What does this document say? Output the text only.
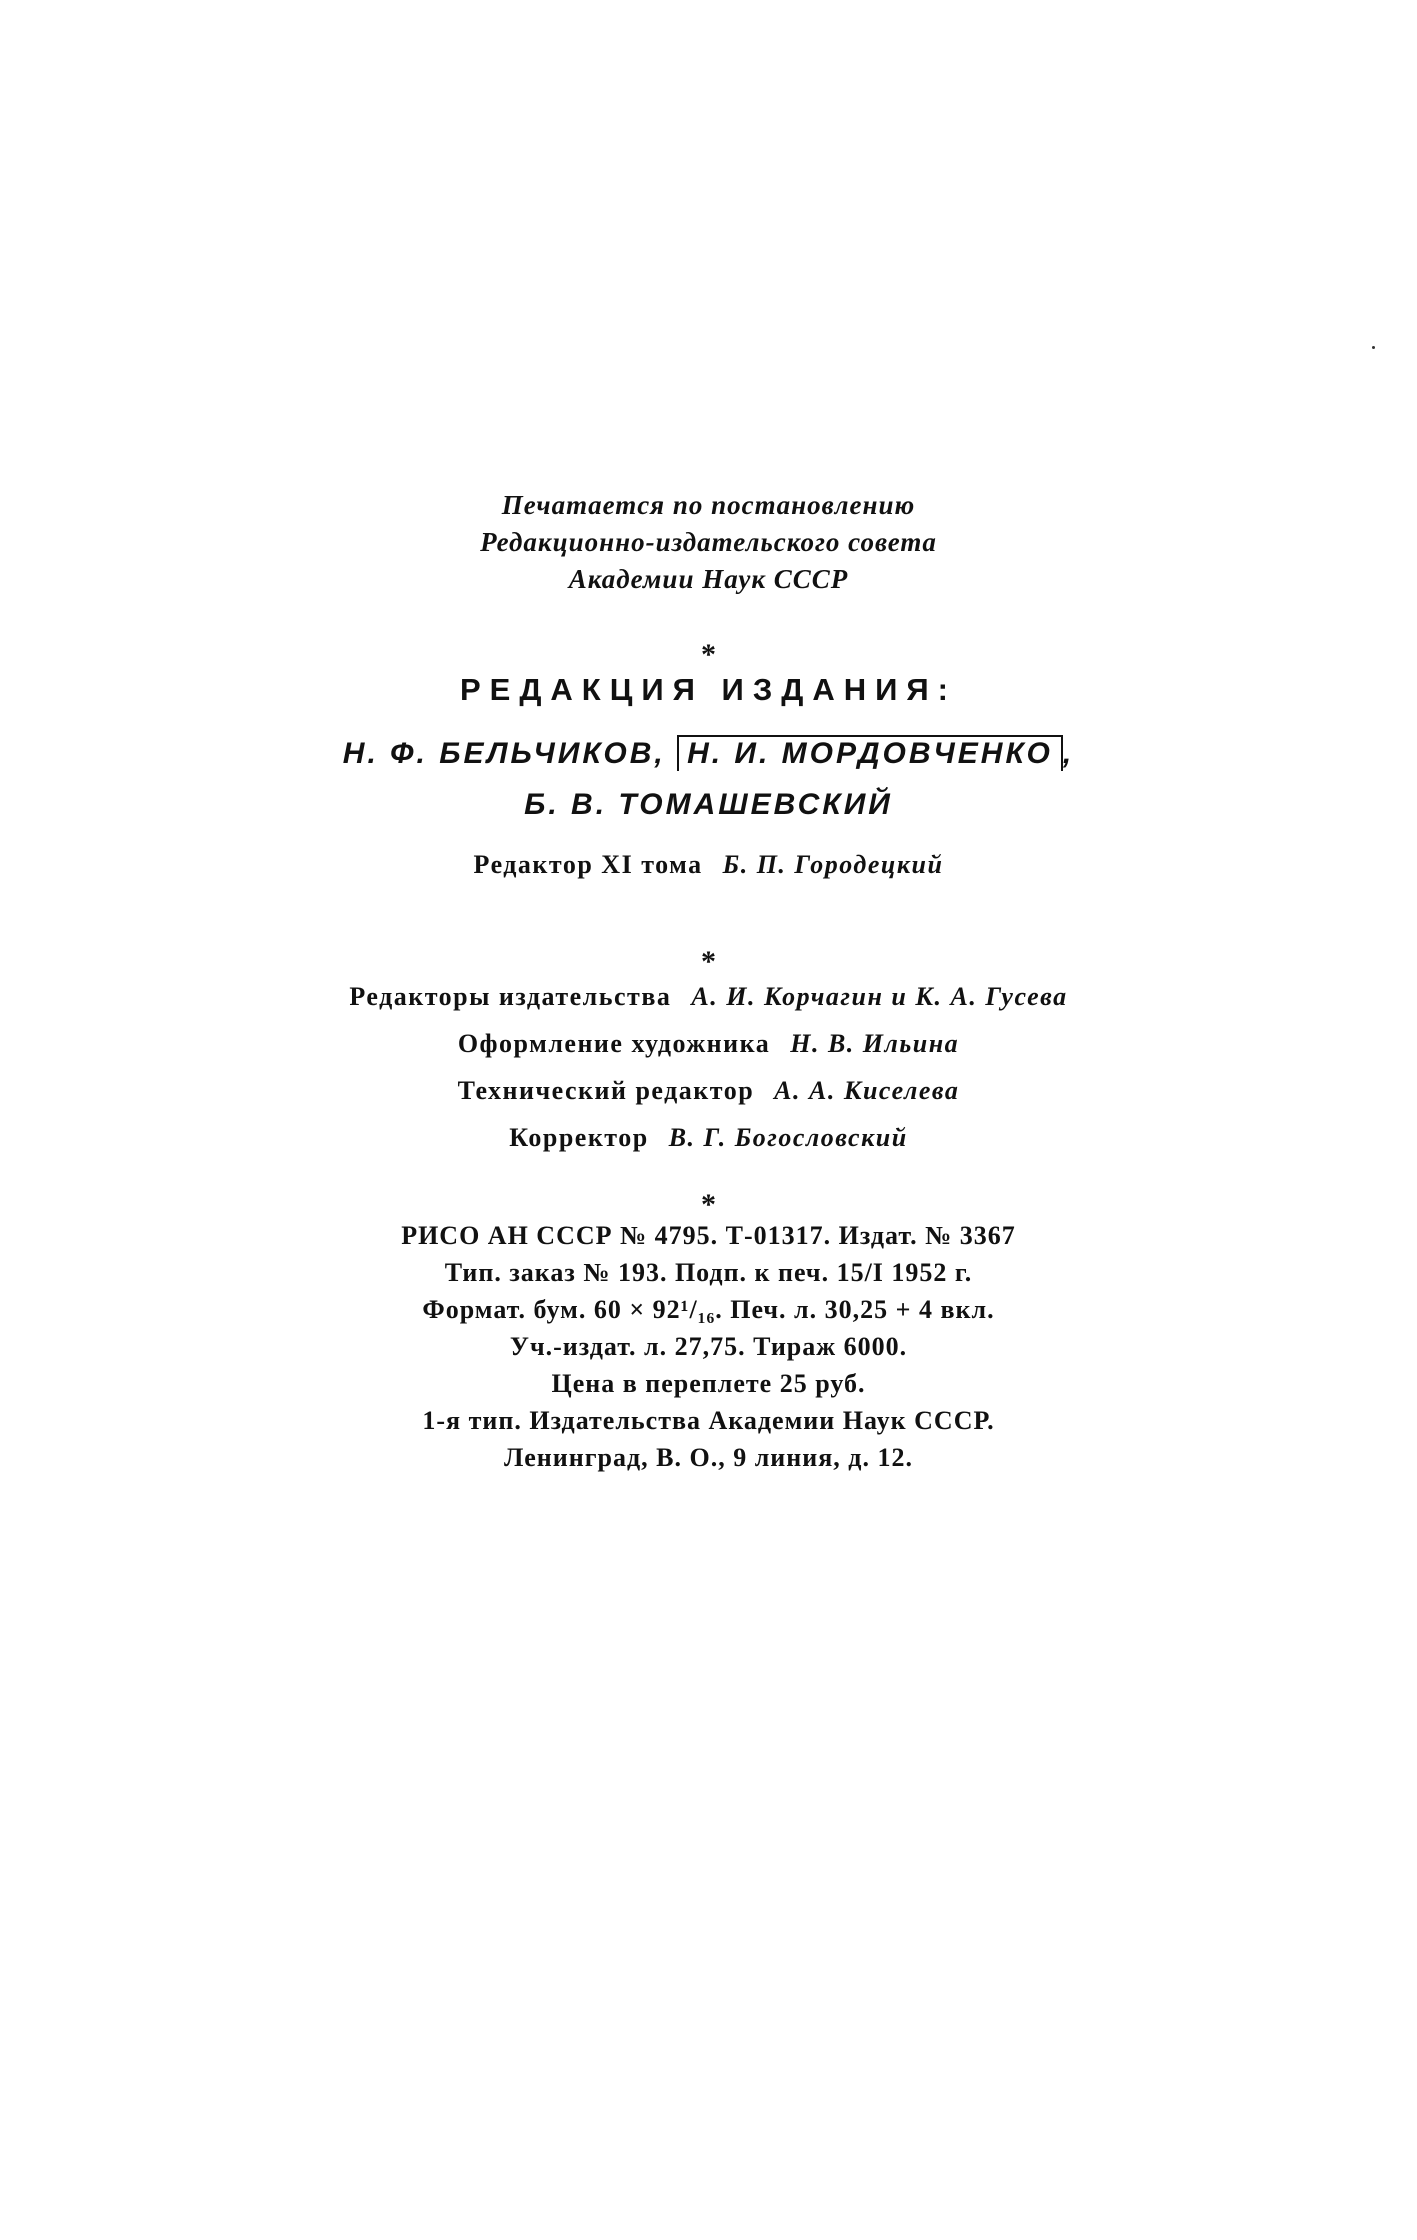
Печатается по постановлению
Редакционно-издательского совета
Академии Наук СССР
*
РЕДАКЦИЯ ИЗДАНИЯ:
Н. Ф. БЕЛЬЧИКОВ, Н. И. МОРДОВЧЕНКО ,
Б. В. ТОМАШЕВСКИЙ
Редактор XI тома Б. П. Городецкий
*
Редакторы издательства А. И. Корчагин и К. А. Гусева
Оформление художника Н. В. Ильина
Технический редактор А. А. Киселева
Корректор В. Г. Богословский
*
РИСО АН СССР № 4795. Т-01317. Издат. № 3367
Тип. заказ № 193. Подп. к печ. 15/I 1952 г.
Формат. бум. 60 × 92¹/₁₆. Печ. л. 30,25 + 4 вкл.
Уч.-издат. л. 27,75. Тираж 6000.
Цена в переплете 25 руб.
1-я тип. Издательства Академии Наук СССР.
Ленинград, В. О., 9 линия, д. 12.
